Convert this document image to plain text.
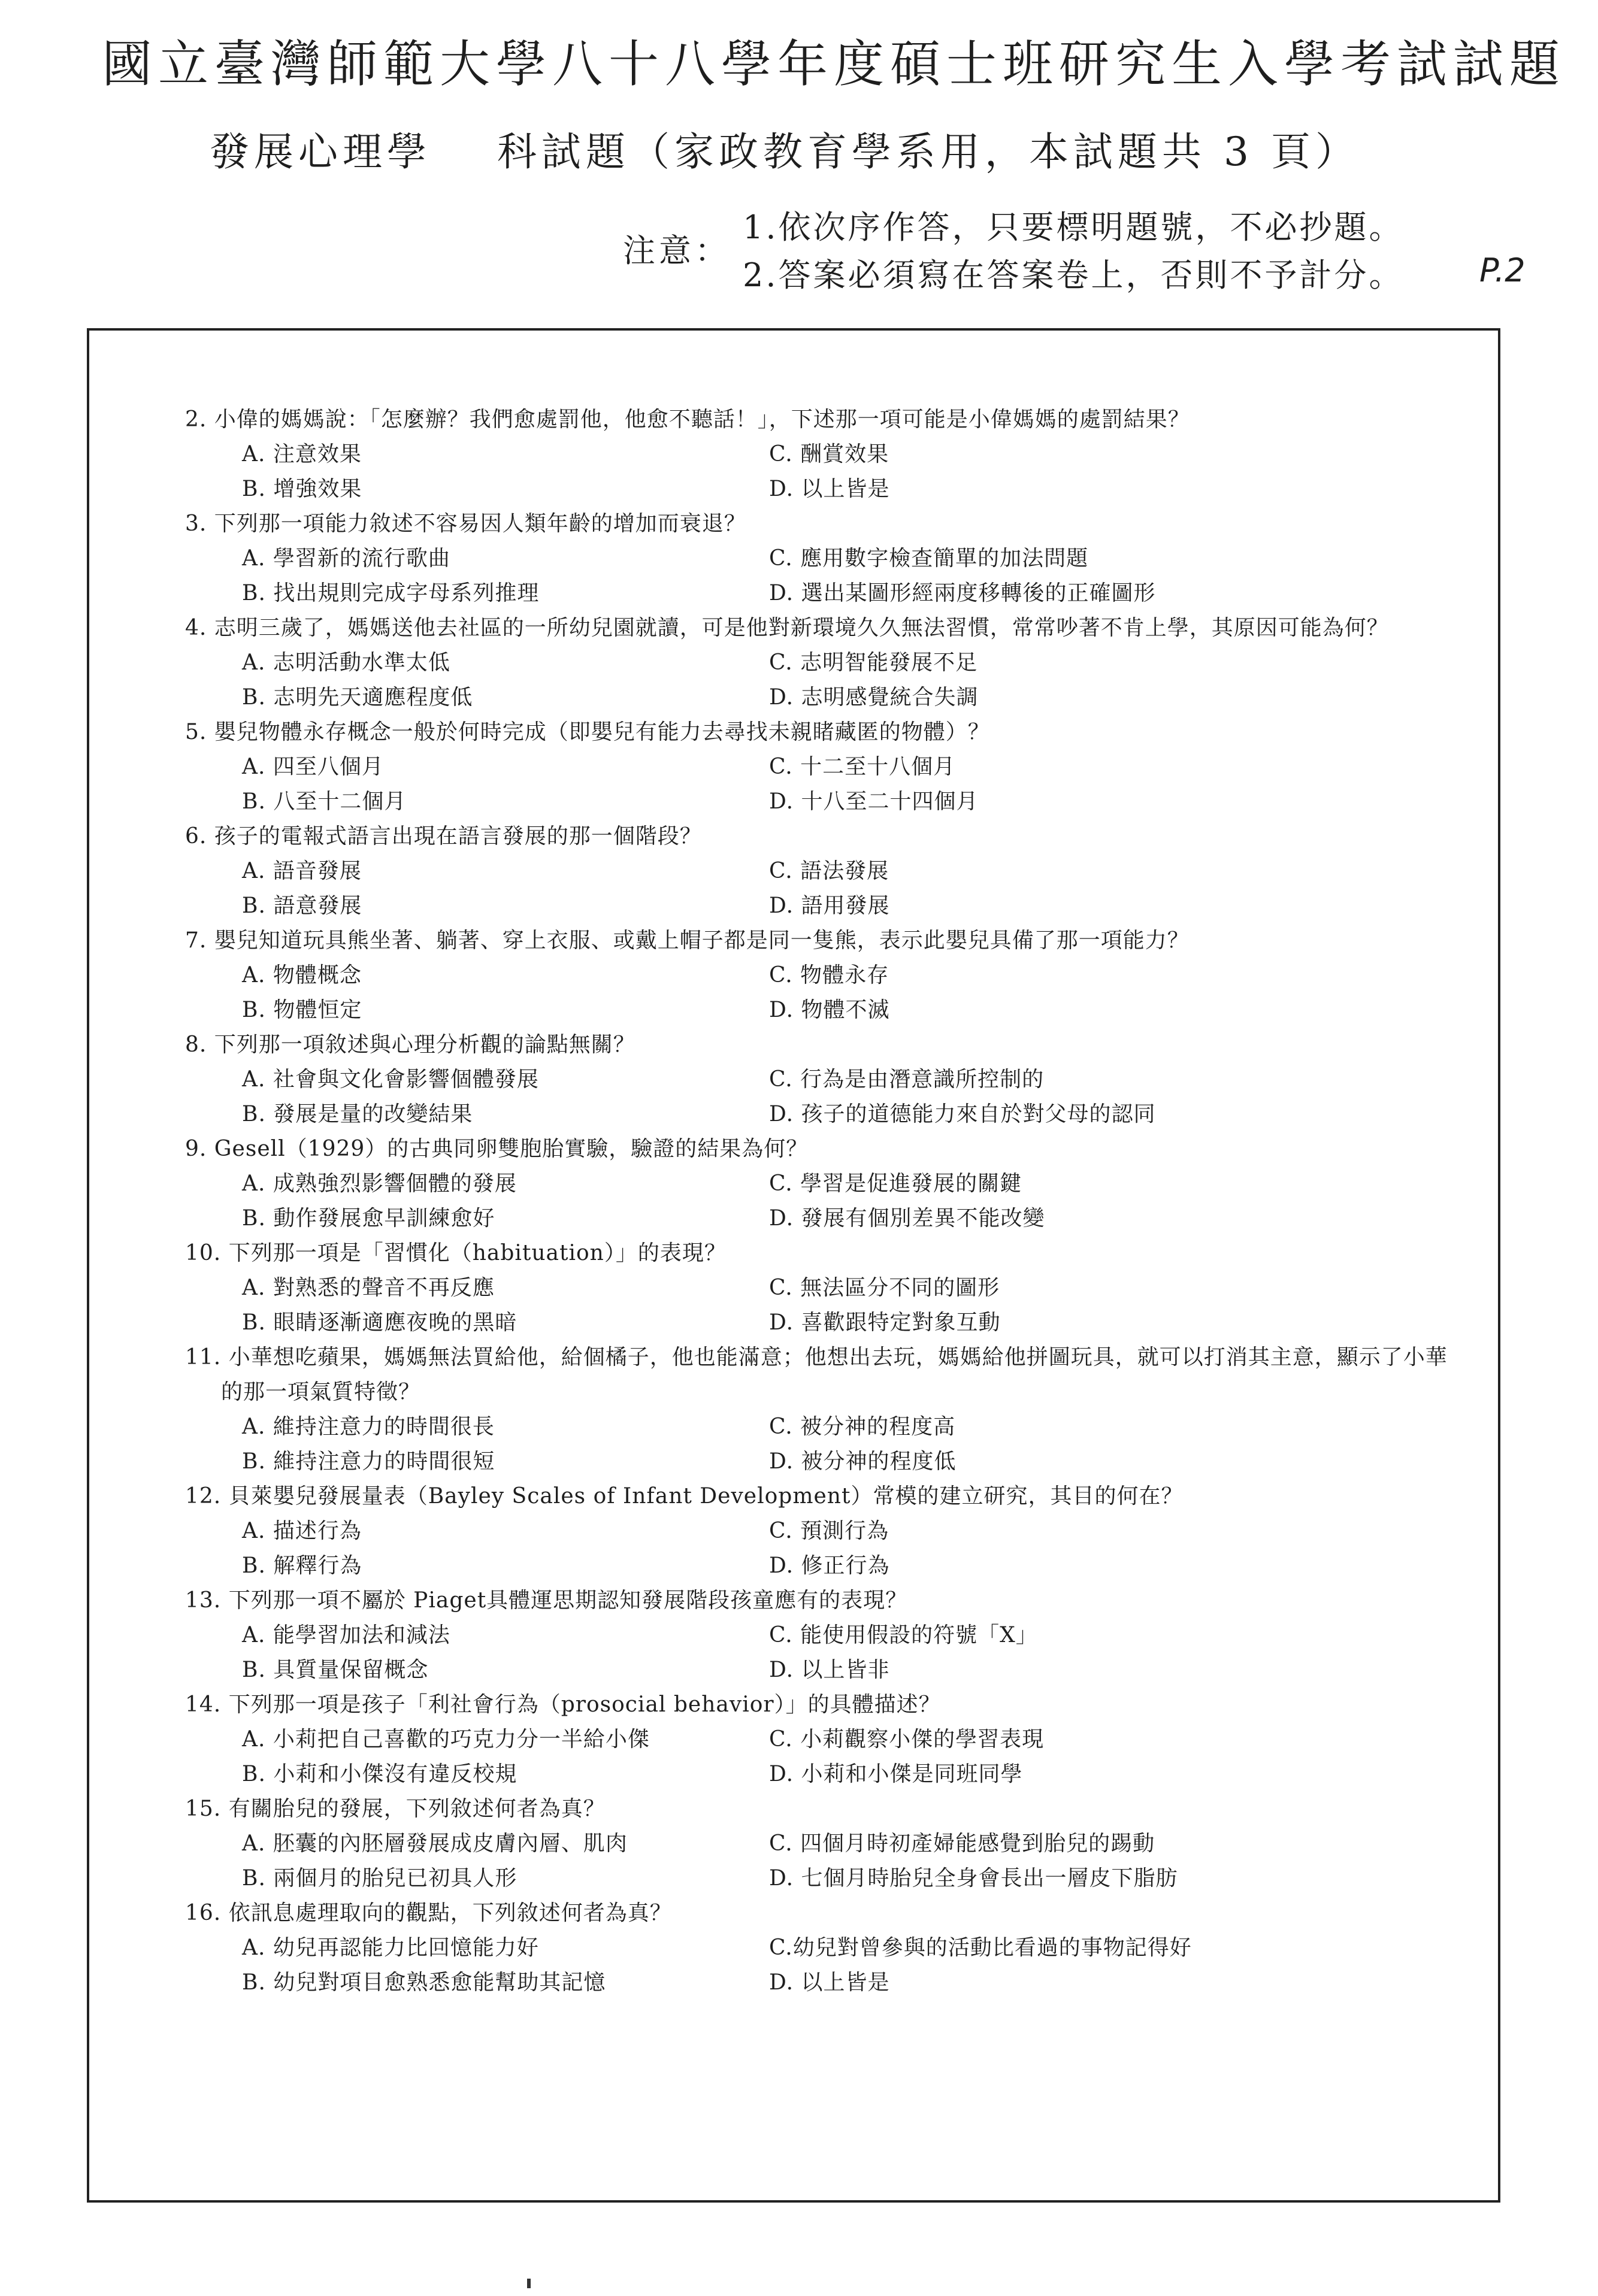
國立臺灣師範大學八十八學年度碩士班研究生入學考試試題
發展心理學 科試題（家政教育學系用，本試題共 3 頁）
注意：
1.依次序作答，只要標明題號，不必抄題。
2.答案必須寫在答案卷上，否則不予計分。 P.2

2. 小偉的媽媽說：「怎麼辦？我們愈處罰他，他愈不聽話！」，下述那一項可能是小偉媽媽的處罰結果？

A. 注意效果	C. 酬賞效果
B. 增強效果	D. 以上皆是

3. 下列那一項能力敘述不容易因人類年齡的增加而衰退？

A. 學習新的流行歌曲	C. 應用數字檢查簡單的加法問題
B. 找出規則完成字母系列推理	D. 選出某圖形經兩度移轉後的正確圖形

4. 志明三歲了，媽媽送他去社區的一所幼兒園就讀，可是他對新環境久久無法習慣，常常吵著不肯上學，其原因可能為何？

A. 志明活動水準太低	C. 志明智能發展不足
B. 志明先天適應程度低	D. 志明感覺統合失調

5. 嬰兒物體永存概念一般於何時完成（即嬰兒有能力去尋找未親睹藏匿的物體）？

A. 四至八個月	C. 十二至十八個月
B. 八至十二個月	D. 十八至二十四個月

6. 孩子的電報式語言出現在語言發展的那一個階段？

A. 語音發展	C. 語法發展
B. 語意發展	D. 語用發展

7. 嬰兒知道玩具熊坐著、躺著、穿上衣服、或戴上帽子都是同一隻熊，表示此嬰兒具備了那一項能力？

A. 物體概念	C. 物體永存
B. 物體恒定	D. 物體不滅

8. 下列那一項敘述與心理分析觀的論點無關？

A. 社會與文化會影響個體發展	C. 行為是由潛意識所控制的
B. 發展是量的改變結果	D. 孩子的道德能力來自於對父母的認同

9. Gesell（1929）的古典同卵雙胞胎實驗，驗證的結果為何？

A. 成熟強烈影響個體的發展	C. 學習是促進發展的關鍵
B. 動作發展愈早訓練愈好	D. 發展有個別差異不能改變

10. 下列那一項是「習慣化（habituation）」的表現？

A. 對熟悉的聲音不再反應	C. 無法區分不同的圖形
B. 眼睛逐漸適應夜晚的黑暗	D. 喜歡跟特定對象互動

11. 小華想吃蘋果，媽媽無法買給他，給個橘子，他也能滿意；他想出去玩，媽媽給他拼圖玩具，就可以打消其主意，顯示了小華的那一項氣質特徵？

A. 維持注意力的時間很長	C. 被分神的程度高
B. 維持注意力的時間很短	D. 被分神的程度低

12. 貝萊嬰兒發展量表（Bayley Scales of Infant Development）常模的建立研究，其目的何在？

A. 描述行為	C. 預測行為
B. 解釋行為	D. 修正行為

13. 下列那一項不屬於 Piaget具體運思期認知發展階段孩童應有的表現？

A. 能學習加法和減法	C. 能使用假設的符號「X」
B. 具質量保留概念	D. 以上皆非

14. 下列那一項是孩子「利社會行為（prosocial behavior）」的具體描述？

A. 小莉把自己喜歡的巧克力分一半給小傑	C. 小莉觀察小傑的學習表現
B. 小莉和小傑沒有違反校規	D. 小莉和小傑是同班同學

15. 有關胎兒的發展，下列敘述何者為真？

A. 胚囊的內胚層發展成皮膚內層、肌肉	C. 四個月時初產婦能感覺到胎兒的踢動
B. 兩個月的胎兒已初具人形	D. 七個月時胎兒全身會長出一層皮下脂肪

16. 依訊息處理取向的觀點，下列敘述何者為真？

A. 幼兒再認能力比回憶能力好	C.幼兒對曾參與的活動比看過的事物記得好
B. 幼兒對項目愈熟悉愈能幫助其記憶	D. 以上皆是
